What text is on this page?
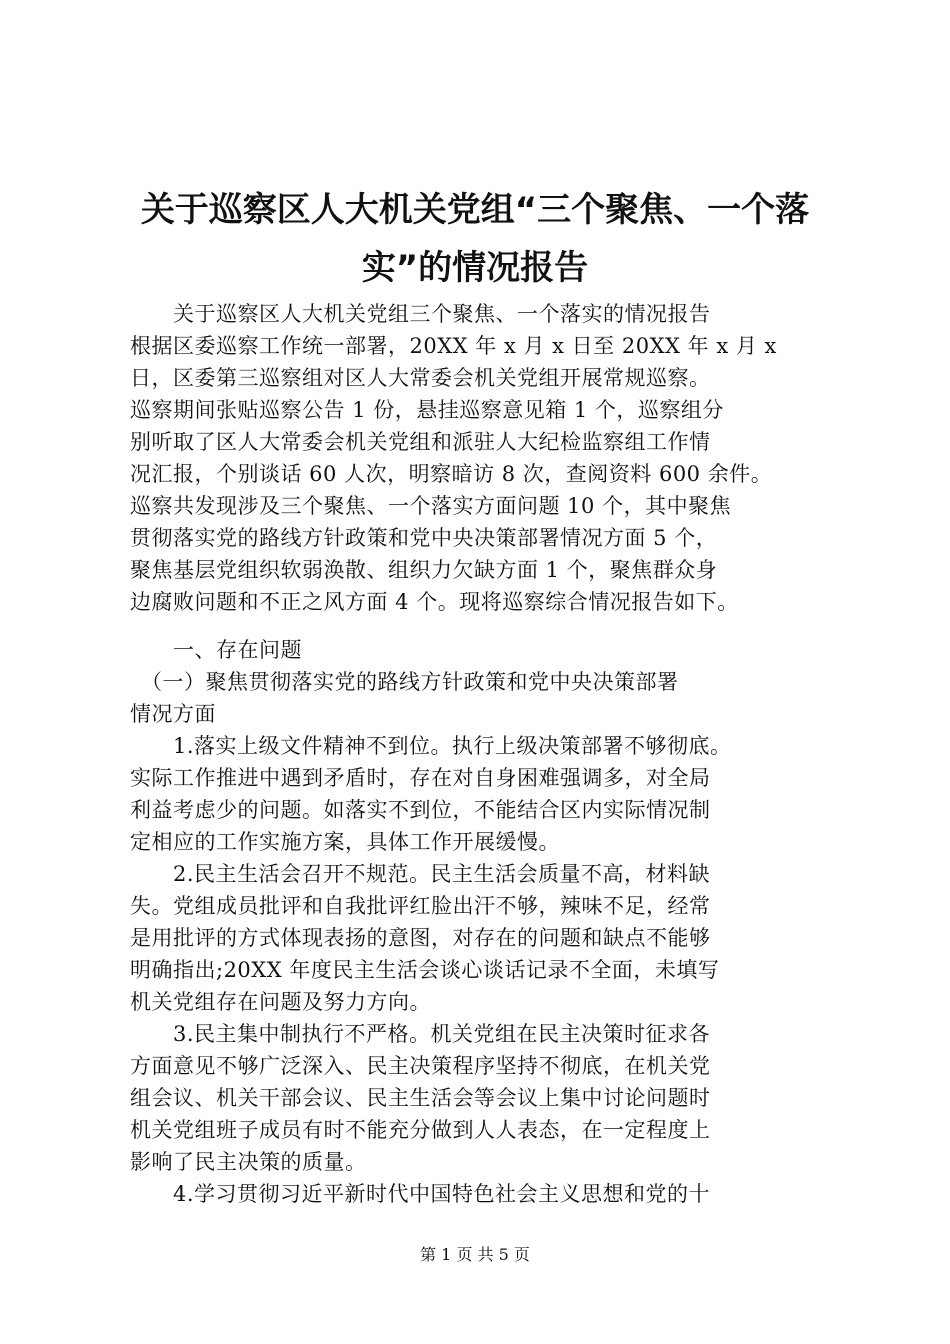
关于巡察区人大机关党组“三个聚焦、一个落
实”的情况报告
　　关于巡察区人大机关党组三个聚焦、一个落实的情况报告
根据区委巡察工作统一部署，20XX 年 x 月 x 日至 20XX 年 x 月 x
日，区委第三巡察组对区人大常委会机关党组开展常规巡察。
巡察期间张贴巡察公告 1 份，悬挂巡察意见箱 1 个，巡察组分
别听取了区人大常委会机关党组和派驻人大纪检监察组工作情
况汇报，个别谈话 60 人次，明察暗访 8 次，查阅资料 600 余件。
巡察共发现涉及三个聚焦、一个落实方面问题 10 个，其中聚焦
贯彻落实党的路线方针政策和党中央决策部署情况方面 5 个，
聚焦基层党组织软弱涣散、组织力欠缺方面 1 个，聚焦群众身
边腐败问题和不正之风方面 4 个。现将巡察综合情况报告如下。
　　一、存在问题
　（一）聚焦贯彻落实党的路线方针政策和党中央决策部署
情况方面
　　1.落实上级文件精神不到位。执行上级决策部署不够彻底。
实际工作推进中遇到矛盾时，存在对自身困难强调多，对全局
利益考虑少的问题。如落实不到位，不能结合区内实际情况制
定相应的工作实施方案，具体工作开展缓慢。
　　2.民主生活会召开不规范。民主生活会质量不高，材料缺
失。党组成员批评和自我批评红脸出汗不够，辣味不足，经常
是用批评的方式体现表扬的意图，对存在的问题和缺点不能够
明确指出;20XX 年度民主生活会谈心谈话记录不全面，未填写
机关党组存在问题及努力方向。
　　3.民主集中制执行不严格。机关党组在民主决策时征求各
方面意见不够广泛深入、民主决策程序坚持不彻底，在机关党
组会议、机关干部会议、民主生活会等会议上集中讨论问题时
机关党组班子成员有时不能充分做到人人表态，在一定程度上
影响了民主决策的质量。
　　4.学习贯彻习近平新时代中国特色社会主义思想和党的十
第 1 页 共 5 页
